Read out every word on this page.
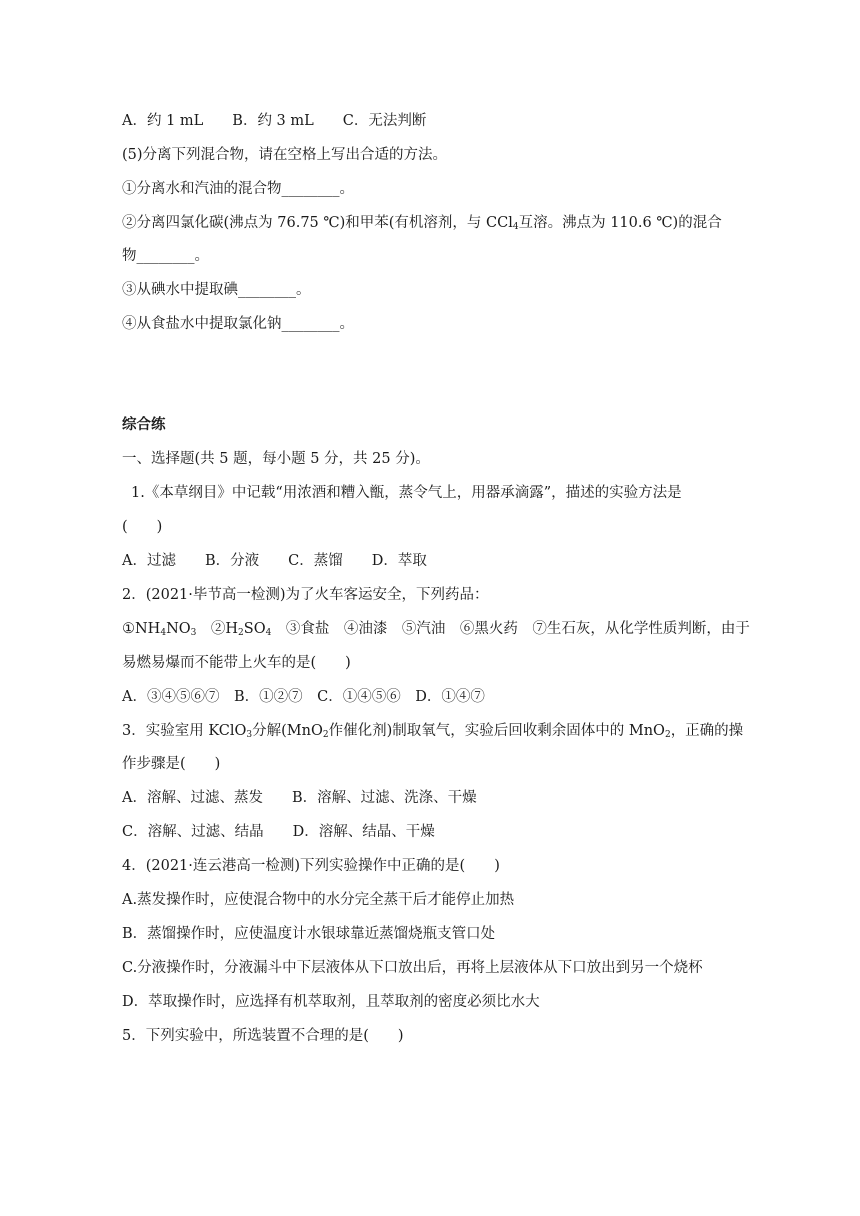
A．约 1 mL　　B．约 3 mL　　C．无法判断
(5)分离下列混合物，请在空格上写出合适的方法。
①分离水和汽油的混合物________。
②分离四氯化碳(沸点为 76.75 ℃)和甲苯(有机溶剂，与 CCl$_4$互溶。沸点为 110.6 ℃)的混合
物________。
③从碘水中提取碘________。
④从食盐水中提取氯化钠________。
综合练
一、选择题(共 5 题，每小题 5 分，共 25 分)。
1.《本草纲目》中记载“用浓酒和糟入甑，蒸令气上，用器承滴露”，描述的实验方法是
(　　)
A．过滤　　B．分液　　C．蒸馏　　D．萃取
2．(2021·毕节高一检测)为了火车客运安全，下列药品：
$①NH_4NO_3$　$②H_2SO_4$　③食盐　④油漆　⑤汽油　⑥黑火药　⑦生石灰，从化学性质判断，由于
易燃易爆而不能带上火车的是(　　)
A．③④⑤⑥⑦　B．①②⑦　C．①④⑤⑥　D．①④⑦
3．实验室用 KClO$_3$分解(MnO$_2$作催化剂)制取氧气，实验后回收剩余固体中的 MnO$_2$，正确的操
作步骤是(　　)
A．溶解、过滤、蒸发　　B．溶解、过滤、洗涤、干燥
C．溶解、过滤、结晶　　D．溶解、结晶、干燥
4．(2021·连云港高一检测)下列实验操作中正确的是(　　)
A.蒸发操作时，应使混合物中的水分完全蒸干后才能停止加热
B．蒸馏操作时，应使温度计水银球靠近蒸馏烧瓶支管口处
C.分液操作时，分液漏斗中下层液体从下口放出后，再将上层液体从下口放出到另一个烧杯
D．萃取操作时，应选择有机萃取剂，且萃取剂的密度必须比水大
5．下列实验中，所选装置不合理的是(　　)
